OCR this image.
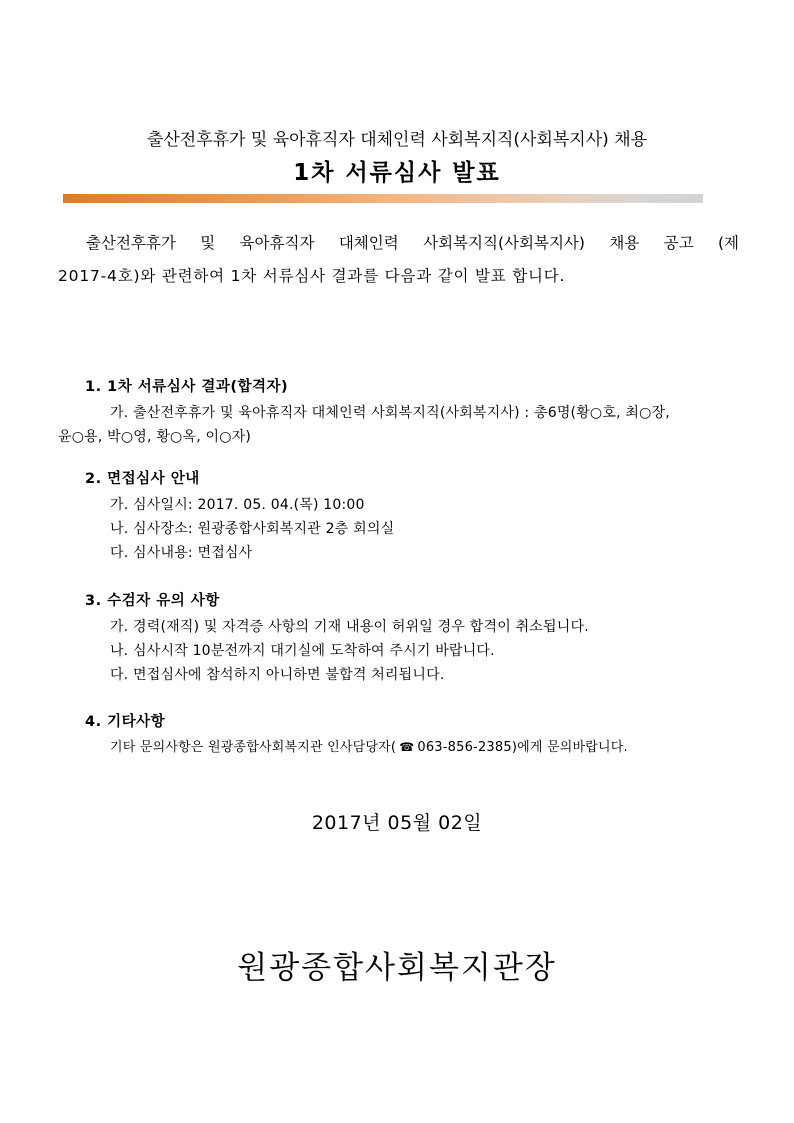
출산전후휴가 및 육아휴직자 대체인력 사회복지직(사회복지사) 채용
1차 서류심사 발표
출산전후휴가 및 육아휴직자 대체인력 사회복지직(사회복지사) 채용 공고 (제
2017-4호)와 관련하여 1차 서류심사 결과를 다음과 같이 발표 합니다.
1. 1차 서류심사 결과(합격자)
가. 출산전후휴가 및 육아휴직자 대체인력 사회복지직(사회복지사) : 총6명(황○호, 최○장,
윤○용, 박○영, 황○옥, 이○자)
2. 면접심사 안내
가. 심사일시: 2017. 05. 04.(목) 10:00
나. 심사장소: 원광종합사회복지관 2층 회의실
다. 심사내용: 면접심사
3. 수검자 유의 사항
가. 경력(재직) 및 자격증 사항의 기재 내용이 허위일 경우 합격이 취소됩니다.
나. 심사시작 10분전까지 대기실에 도착하여 주시기 바랍니다.
다. 면접심사에 참석하지 아니하면 불합격 처리됩니다.
4. 기타사항
기타 문의사항은 원광종합사회복지관 인사담당자( ☎ 063-856-2385)에게 문의바랍니다.
2017년 05월 02일
원광종합사회복지관장
